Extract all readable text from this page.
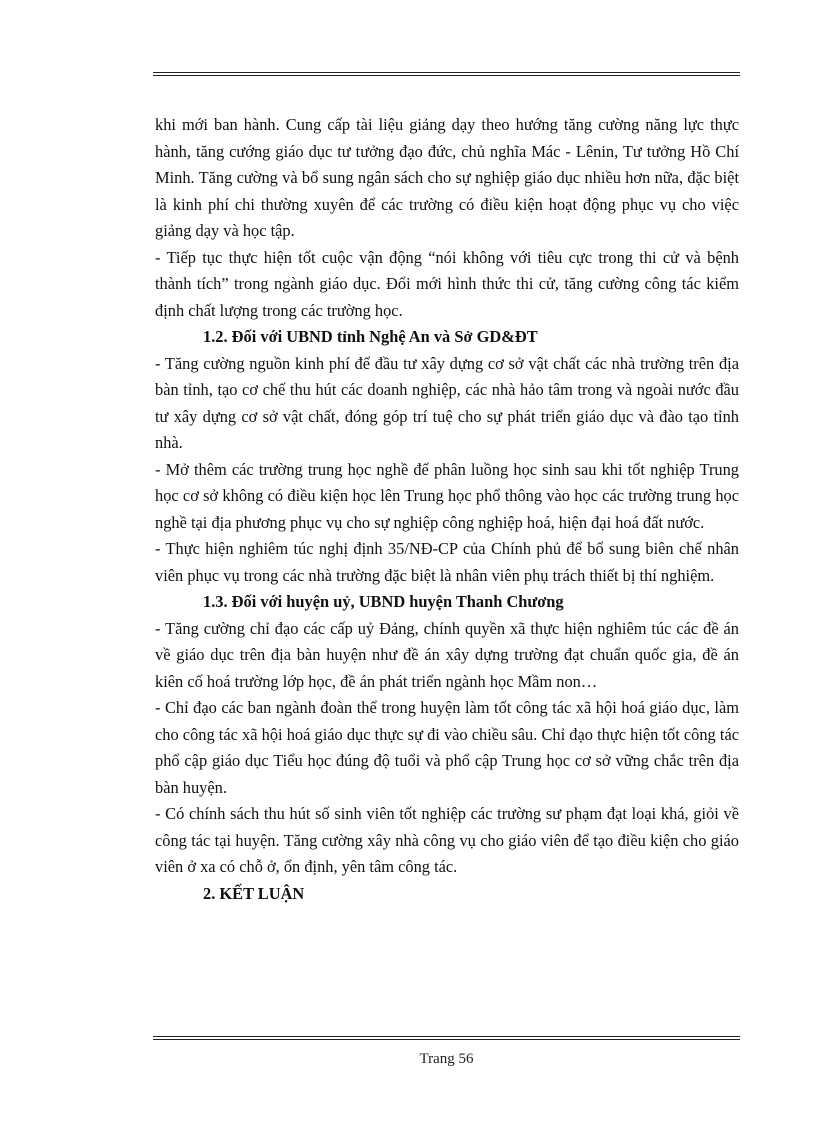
khi mới ban hành. Cung cấp tài liệu giảng dạy theo hướng tăng cường năng lực thực hành, tăng cướng giáo dục tư tưởng đạo đức, chủ nghĩa Mác - Lênin, Tư tưởng Hồ Chí Minh. Tăng cường và bổ sung ngân sách cho sự nghiệp giáo dục nhiều hơn nữa, đặc biệt là kinh phí chi thường xuyên để các trường có điều kiện hoạt động phục vụ cho việc giảng dạy và học tập.

- Tiếp tục thực hiện tốt cuộc vận động “nói không với tiêu cực trong thi cử và bệnh thành tích” trong ngành giáo dục. Đổi mới hình thức thi cử, tăng cường công tác kiểm định chất lượng trong các trường học.

1.2. Đối với UBND tỉnh Nghệ An và Sở GD&ĐT

- Tăng cường nguồn kinh phí để đầu tư xây dựng cơ sở vật chất các nhà trường trên địa bàn tỉnh, tạo cơ chế thu hút các doanh nghiệp, các nhà hảo tâm trong và ngoài nước đầu tư xây dựng cơ sở vật chất, đóng góp trí tuệ cho sự phát triển giáo dục và đào tạo tỉnh nhà.

- Mở thêm các trường trung học nghề để phân luồng học sinh sau khi tốt nghiệp Trung học cơ sở không có điều kiện học lên Trung học phổ thông vào học các trường trung học nghề tại địa phương phục vụ cho sự nghiệp công nghiệp hoá, hiện đại hoá đất nước.

- Thực hiện nghiêm túc nghị định 35/NĐ-CP của Chính phủ để bổ sung biên chế nhân viên phục vụ trong các nhà trường đặc biệt là nhân viên phụ trách thiết bị thí nghiệm.

1.3. Đối với huyện uỷ, UBND huyện Thanh Chương

- Tăng cường chỉ đạo các cấp uỷ Đảng, chính quyền xã thực hiện nghiêm túc các đề án về giáo dục trên địa bàn huyện như đề án xây dựng trường đạt chuẩn quốc gia, đề án kiên cố hoá trường lớp học, đề án phát triển ngành học Mầm non…

- Chỉ đạo các ban ngành đoàn thể trong huyện làm tốt công tác xã hội hoá giáo dục, làm cho công tác xã hội hoá giáo dục thực sự đi vào chiều sâu. Chỉ đạo thực hiện tốt công tác phổ cập giáo dục Tiểu học đúng độ tuổi và phổ cập Trung học cơ sở vững chắc trên địa bàn huyện.

- Có chính sách thu hút số sinh viên tốt nghiệp các trường sư phạm đạt loại khá, giỏi về công tác tại huyện. Tăng cường xây nhà công vụ cho giáo viên để tạo điều kiện cho giáo viên ở xa có chỗ ở, ổn định, yên tâm công tác.

2. KẾT LUẬN
Trang 56
